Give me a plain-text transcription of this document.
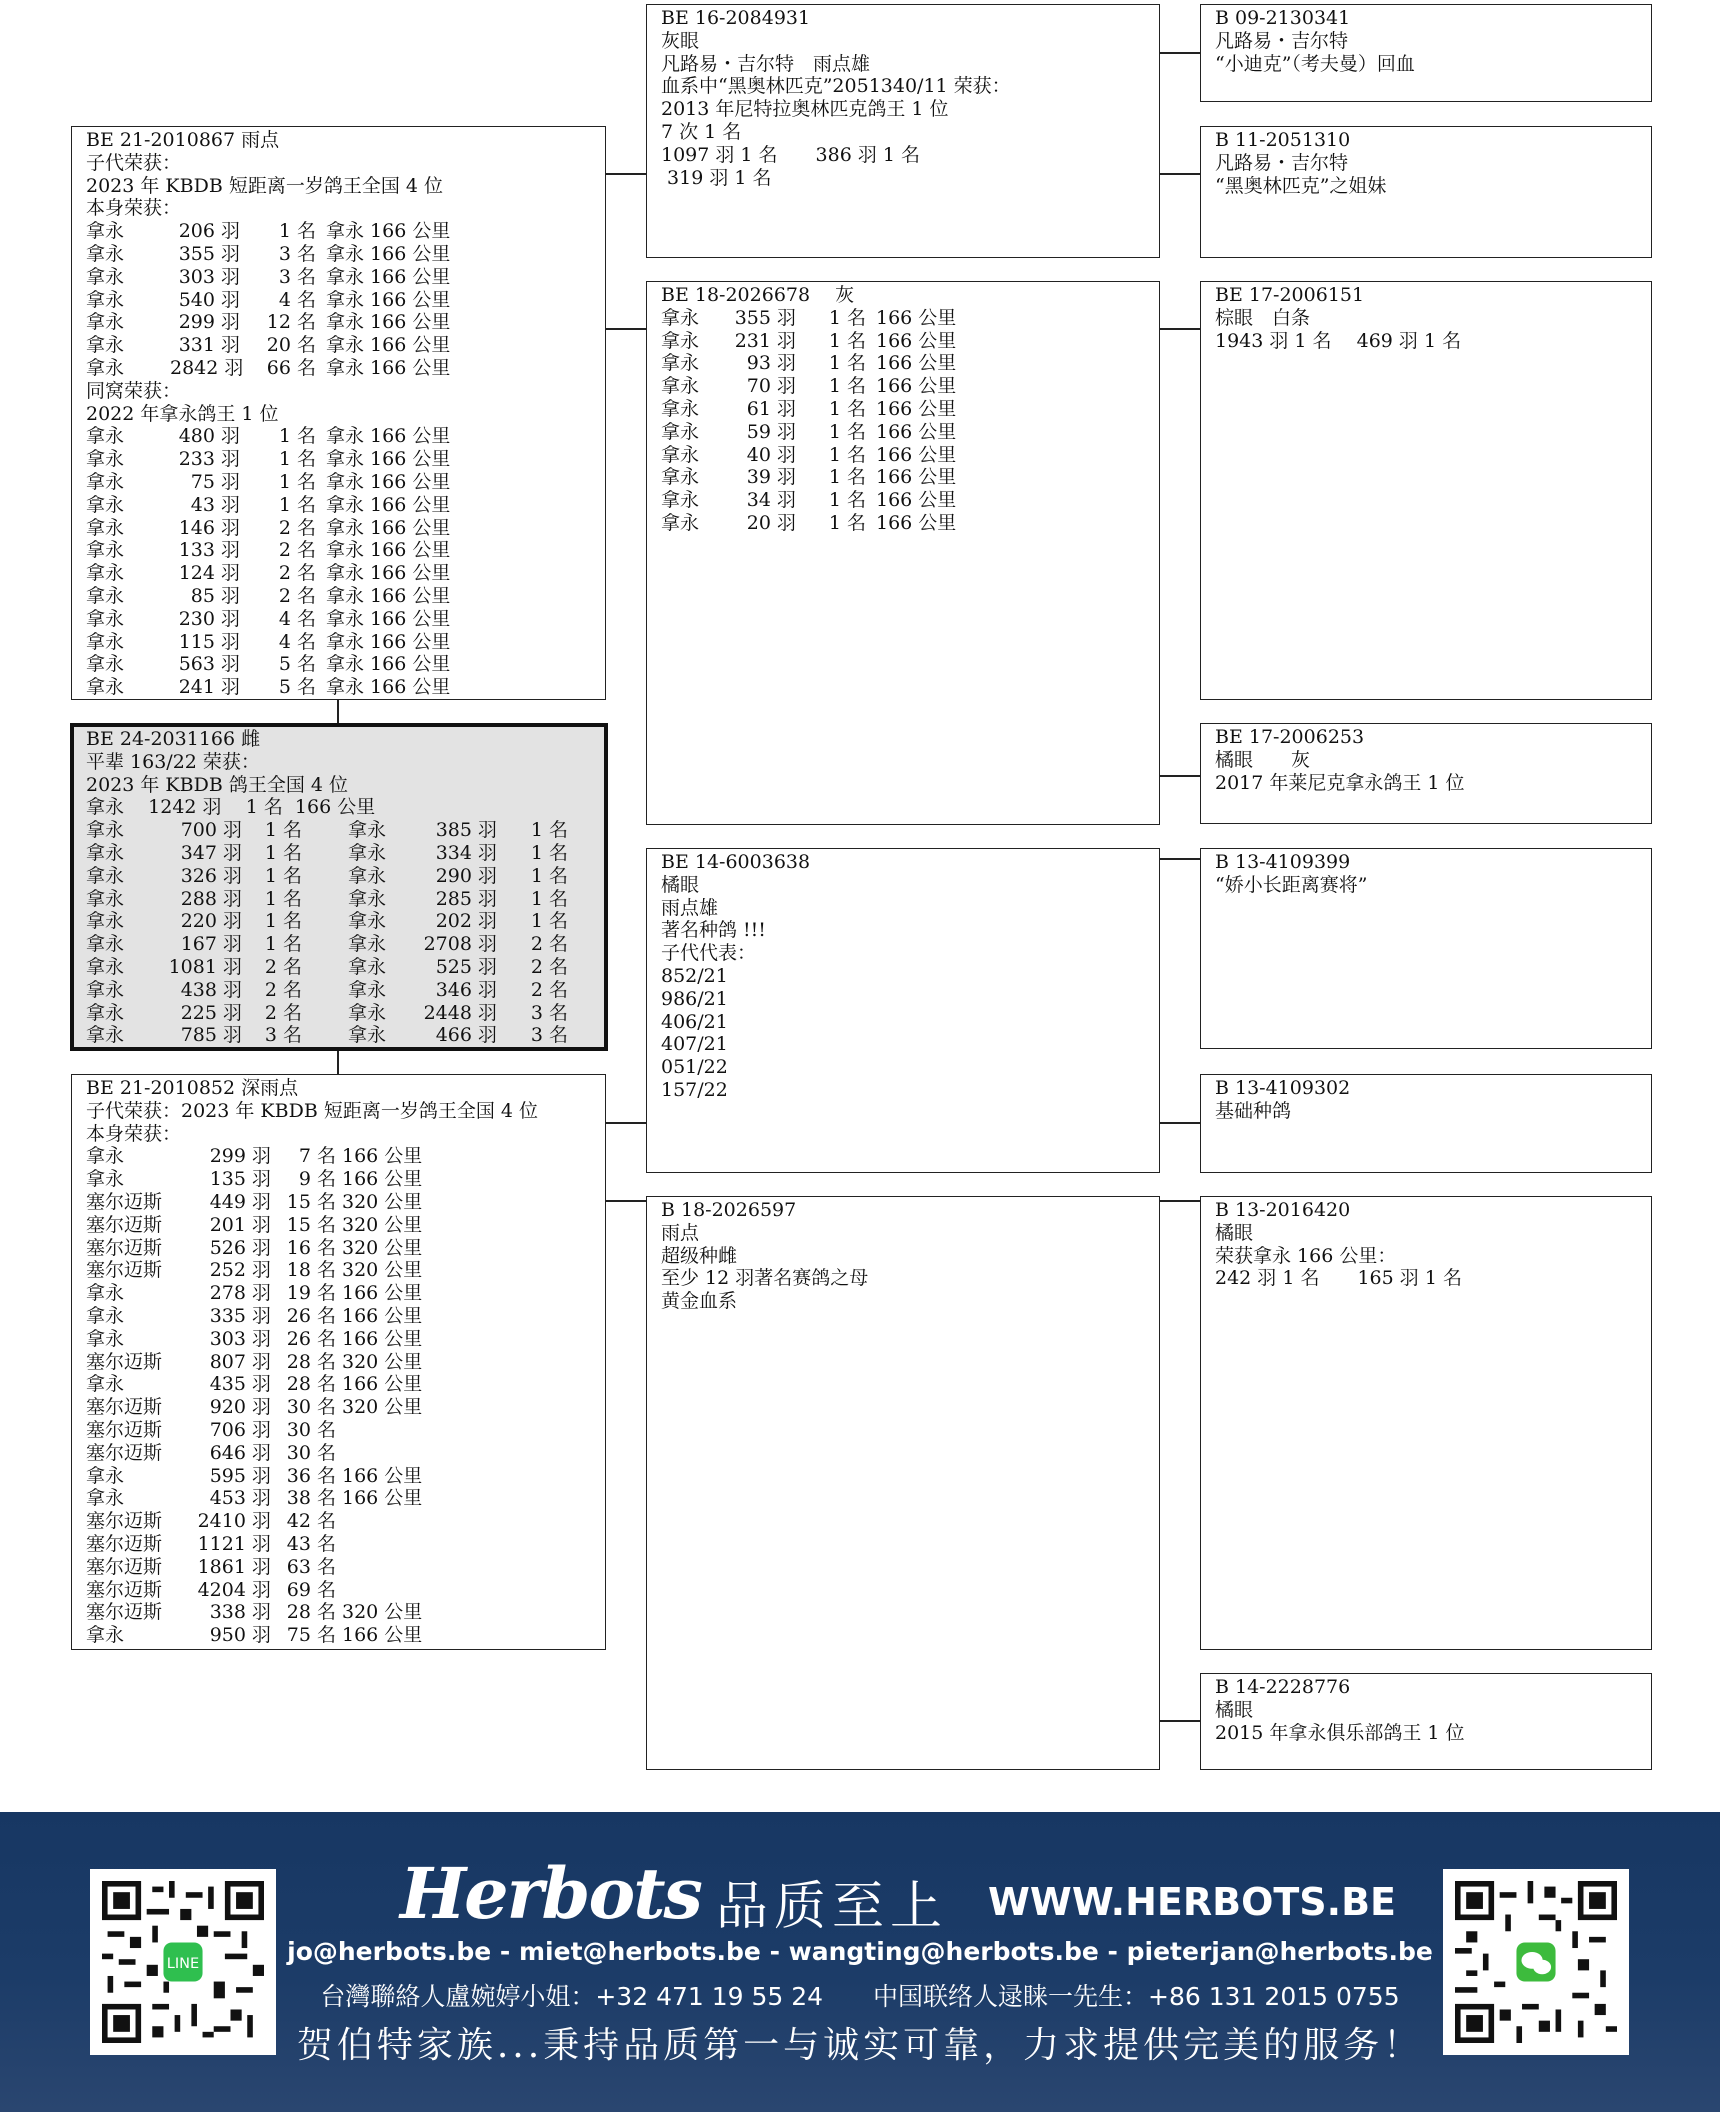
BE 21-2010867 雨点
子代荣获：
2023 年 KBDB 短距离一岁鸽王全国 4 位
本身荣获：
拿永	206 羽	1 名 拿永 166 公里
拿永	355 羽	3 名 拿永 166 公里
拿永	303 羽	3 名 拿永 166 公里
拿永	540 羽	4 名 拿永 166 公里
拿永	299 羽	12 名 拿永 166 公里
拿永	331 羽	20 名 拿永 166 公里
拿永 2842 羽	66 名 拿永 166 公里
同窝荣获：
2022 年拿永鸽王 1 位
拿永	480 羽	1 名 拿永 166 公里
拿永	233 羽	1 名 拿永 166 公里
拿永	75 羽	1 名 拿永 166 公里
拿永	43 羽	1 名 拿永 166 公里
拿永	146 羽	2 名 拿永 166 公里
拿永	133 羽	2 名 拿永 166 公里
拿永	124 羽	2 名 拿永 166 公里
拿永	85 羽	2 名 拿永 166 公里
拿永	230 羽	4 名 拿永 166 公里
拿永	115 羽	4 名 拿永 166 公里
拿永	563 羽	5 名 拿永 166 公里
拿永	241 羽	5 名 拿永 166 公里
BE 24-2031166 雌
平辈 163/22 荣获：
2023 年 KBDB 鸽王全国 4 位
拿永    1242 羽    1 名  166 公里
拿永	700 羽	1 名 拿永	385 羽	1 名
拿永	347 羽	1 名 拿永	334 羽	1 名
拿永	326 羽	1 名 拿永	290 羽	1 名
拿永	288 羽	1 名 拿永	285 羽	1 名
拿永	220 羽	1 名 拿永	202 羽	1 名
拿永	167 羽	1 名 拿永	2708 羽	2 名
拿永	1081 羽	2 名 拿永	525 羽	2 名
拿永	438 羽	2 名 拿永	346 羽	2 名
拿永	225 羽	2 名 拿永	2448 羽	3 名
拿永	785 羽	3 名 拿永	466 羽	3 名
BE 21-2010852 深雨点
子代荣获：2023 年 KBDB 短距离一岁鸽王全国 4 位
本身荣获：
拿永	299 羽	7 名 166 公里
拿永	135 羽	9 名 166 公里
塞尔迈斯	449 羽 15 名 320 公里
塞尔迈斯	201 羽 15 名 320 公里
塞尔迈斯	526 羽 16 名 320 公里
塞尔迈斯	252 羽 18 名 320 公里
拿永	278 羽 19 名 166 公里
拿永	335 羽 26 名 166 公里
拿永	303 羽 26 名 166 公里
塞尔迈斯	807 羽 28 名 320 公里
拿永	435 羽 28 名 166 公里
塞尔迈斯	920 羽 30 名 320 公里
塞尔迈斯	706 羽 30 名
塞尔迈斯	646 羽 30 名
拿永	595 羽 36 名 166 公里
拿永	453 羽 38 名 166 公里
塞尔迈斯	2410 羽 42 名
塞尔迈斯	1121 羽 43 名
塞尔迈斯	1861 羽 63 名
塞尔迈斯	4204 羽 69 名
塞尔迈斯	338 羽 28 名 320 公里
拿永	950 羽 75 名 166 公里
BE 16-2084931
灰眼
凡路易・吉尔特　雨点雄
血系中“黑奥林匹克”2051340/11 荣获：
2013 年尼特拉奥林匹克鸽王 1 位
7 次 1 名
1097 羽 1 名　　386 羽 1 名
319 羽 1 名
BE 18-2026678　 灰
拿永	355 羽	1 名 166 公里
拿永	231 羽	1 名 166 公里
拿永	93 羽	1 名 166 公里
拿永	70 羽	1 名 166 公里
拿永	61 羽	1 名 166 公里
拿永	59 羽	1 名 166 公里
拿永	40 羽	1 名 166 公里
拿永	39 羽	1 名 166 公里
拿永	34 羽	1 名 166 公里
拿永	20 羽	1 名 166 公里
BE 14-6003638
橘眼
雨点雄
著名种鸽 !!!
子代代表：
852/21
986/21
406/21
407/21
051/22
157/22
B 18-2026597
雨点
超级种雌
至少 12 羽著名赛鸽之母
黄金血系
B 09-2130341
凡路易・吉尔特
“小迪克”（考夫曼）回血
B 11-2051310
凡路易・吉尔特
“黑奥林匹克”之姐妹
BE 17-2006151
棕眼　白条
1943 羽 1 名　 469 羽 1 名
BE 17-2006253
橘眼　　灰
2017 年莱尼克拿永鸽王 1 位
B 13-4109399
“娇小长距离赛将”
B 13-4109302
基础种鸽
B 13-2016420
橘眼
荣获拿永 166 公里：
242 羽 1 名　　165 羽 1 名
B 14-2228776
橘眼
2015 年拿永俱乐部鸽王 1 位
LINE
Herbots 品质至上 WWW.HERBOTS.BE
jo@herbots.be - miet@herbots.be - wangting@herbots.be - pieterjan@herbots.be
台灣聯絡人盧婉婷小姐：+32 471 19 55 24　　中国联络人逯睐一先生：+86 131 2015 0755
贺伯特家族...秉持品质第一与诚实可靠，力求提供完美的服务！
